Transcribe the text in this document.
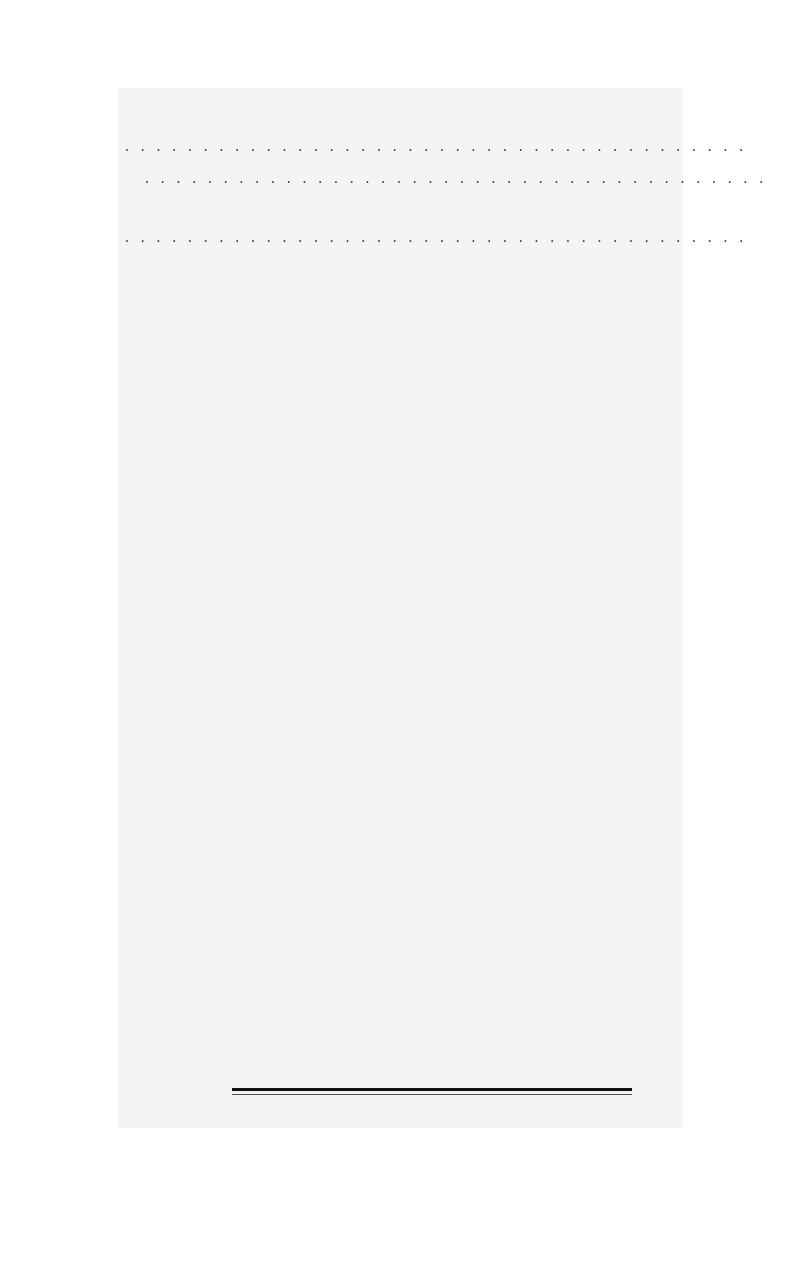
. . . . . . . . . . . . . . . . . . . . . . . . . . . . . . . . . . . . . . . .
. . . . . . . . . . . . . . . . . . . . . . . . . . . . . . . . . . . . . . . .
. . . . . . . . . . . . . . . . . . . . . . . . . . . . . . . . . . . . . . . .
